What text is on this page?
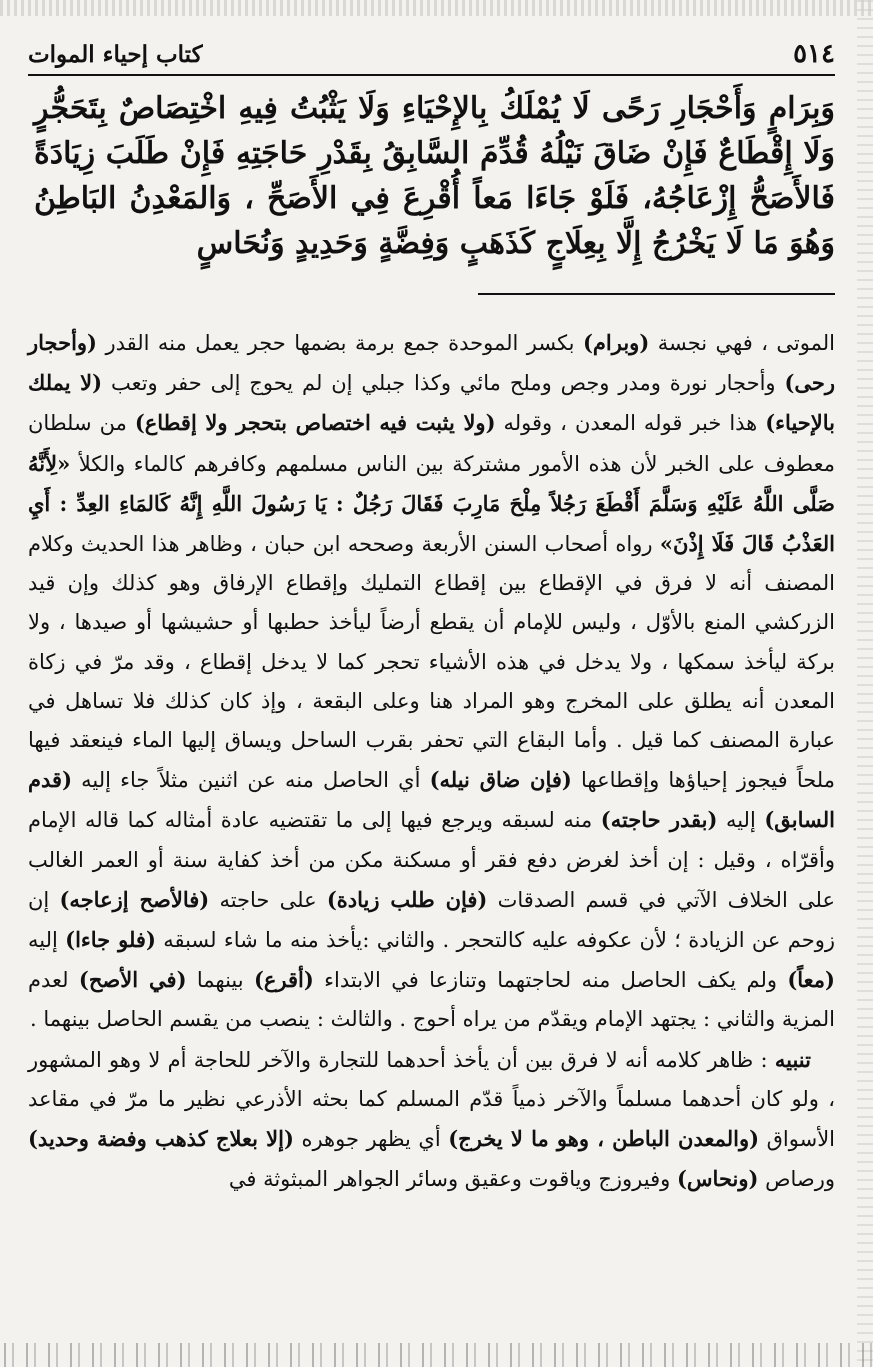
٥١٤
كتاب إحياء الموات
وَبِرَامٍ وَأَحْجَارِ رَحًى لَا يُمْلَكُ بِالإِحْيَاءِ وَلَا يَثْبُتُ فِيهِ اخْتِصَاصٌ بِتَحَجُّرٍ وَلَا إِقْطَاعٌ فَإِنْ ضَاقَ نَيْلُهُ قُدِّمَ السَّابِقُ بِقَدْرِ حَاجَتِهِ فَإِنْ طَلَبَ زِيَادَةً فَالأَصَحُّ إِزْعَاجُهُ، فَلَوْ جَاءَا مَعاً أُقْرِعَ فِي الأَصَحِّ ، وَالمَعْدِنُ البَاطِنُ وَهُوَ مَا لَا يَخْرُجُ إِلَّا بِعِلَاجٍ كَذَهَبٍ وَفِضَّةٍ وَحَدِيدٍ وَنُحَاسٍ

الموتى ، فهي نجسة (وبرام) بكسر الموحدة جمع برمة بضمها حجر يعمل منه القدر (وأحجار رحى) وأحجار نورة ومدر وجص وملح مائي وكذا جبلي إن لم يحوج إلى حفر وتعب (لا يملك بالإحياء) هذا خبر قوله المعدن ، وقوله (ولا يثبت فيه اختصاص بتحجر ولا إقطاع) من سلطان معطوف على الخبر لأن هذه الأمور مشتركة بين الناس مسلمهم وكافرهم كالماء والكلأ «لِأَنَّهُ صَلَّى اللَّهُ عَلَيْهِ وَسَلَّمَ أَقْطَعَ رَجُلاً مِلْحَ مَارِبَ فَقَالَ رَجُلٌ : يَا رَسُولَ اللَّهِ إِنَّهُ كَالمَاءِ العِدِّ : أَيِ العَذْبُ قَالَ فَلَا إِذْنَ» رواه أصحاب السنن الأربعة وصححه ابن حبان ، وظاهر هذا الحديث وكلام المصنف أنه لا فرق في الإقطاع بين إقطاع التمليك وإقطاع الإرفاق وهو كذلك وإن قيد الزركشي المنع بالأوّل ، وليس للإمام أن يقطع أرضاً ليأخذ حطبها أو حشيشها أو صيدها ، ولا بركة ليأخذ سمكها ، ولا يدخل في هذه الأشياء تحجر كما لا يدخل إقطاع ، وقد مرّ في زكاة المعدن أنه يطلق على المخرج وهو المراد هنا وعلى البقعة ، وإذ كان كذلك فلا تساهل في عبارة المصنف كما قيل . وأما البقاع التي تحفر بقرب الساحل ويساق إليها الماء فينعقد فيها ملحاً فيجوز إحياؤها وإقطاعها (فإن ضاق نيله) أي الحاصل منه عن اثنين مثلاً جاء إليه (قدم السابق) إليه (بقدر حاجته) منه لسبقه ويرجع فيها إلى ما تقتضيه عادة أمثاله كما قاله الإمام وأقرّاه ، وقيل : إن أخذ لغرض دفع فقر أو مسكنة مكن من أخذ كفاية سنة أو العمر الغالب على الخلاف الآتي في قسم الصدقات (فإن طلب زيادة) على حاجته (فالأصح إزعاجه) إن زوحم عن الزيادة ؛ لأن عكوفه عليه كالتحجر . والثاني :يأخذ منه ما شاء لسبقه (فلو جاءا) إليه (معاً) ولم يكف الحاصل منه لحاجتهما وتنازعا في الابتداء (أقرع) بينهما (في الأصح) لعدم المزية والثاني : يجتهد الإمام ويقدّم من يراه أحوج . والثالث : ينصب من يقسم الحاصل بينهما .

تنبيه : ظاهر كلامه أنه لا فرق بين أن يأخذ أحدهما للتجارة والآخر للحاجة أم لا وهو المشهور ، ولو كان أحدهما مسلماً والآخر ذمياً قدّم المسلم كما بحثه الأذرعي نظير ما مرّ في مقاعد الأسواق (والمعدن الباطن ، وهو ما لا يخرج) أي يظهر جوهره (إلا بعلاج كذهب وفضة وحديد) ورصاص (ونحاس) وفيروزج وياقوت وعقيق وسائر الجواهر المبثوثة في
